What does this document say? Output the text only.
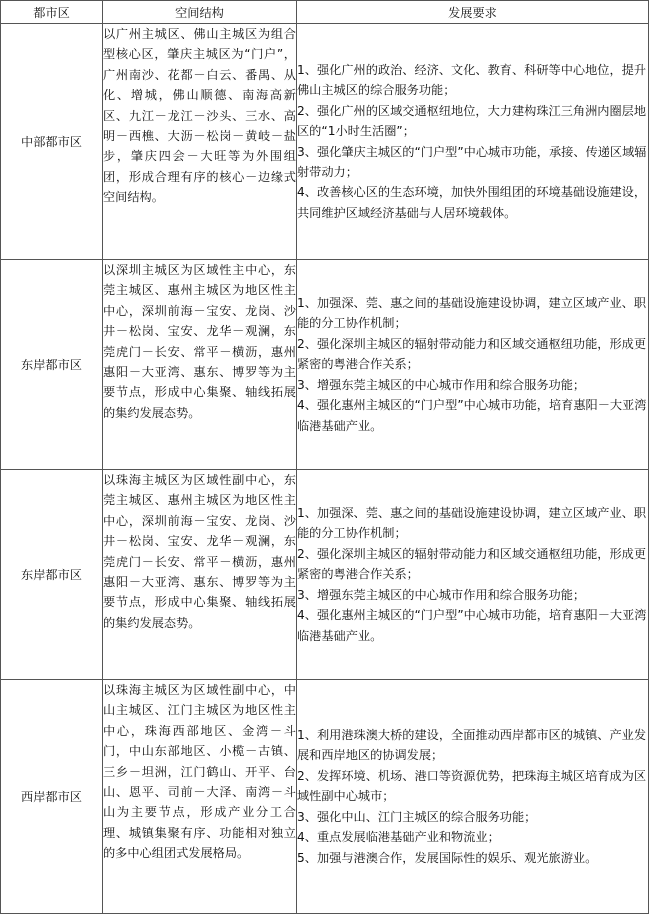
都市区	空间结构	发展要求
中部都市区	以广州主城区、佛山主城区为组合型核心区，肇庆主城区为“门户”，广州南沙、花都－白云、番禺、从化、增城，佛山顺德、南海高新区、九江－龙江－沙头、三水、高明－西樵、大沥－松岗－黄岐－盐步，肇庆四会－大旺等为外围组团，形成合理有序的核心－边缘式空间结构。	1、强化广州的政治、经济、文化、教育、科研等中心地位，提升佛山主城区的综合服务功能；
2、强化广州的区域交通枢纽地位，大力建构珠江三角洲内圈层地区的“1小时生活圈”；
3、强化肇庆主城区的“门户型”中心城市功能，承接、传递区域辐射带动力；
4、改善核心区的生态环境，加快外围组团的环境基础设施建设，共同维护区域经济基础与人居环境载体。

东岸都市区	以深圳主城区为区域性主中心，东莞主城区、惠州主城区为地区性主中心，深圳前海－宝安、龙岗、沙井－松岗、宝安、龙华－观澜，东莞虎门－长安、常平－横沥，惠州惠阳－大亚湾、惠东、博罗等为主要节点，形成中心集聚、轴线拓展的集约发展态势。	1、加强深、莞、惠之间的基础设施建设协调，建立区域产业、职能的分工协作机制；
2、强化深圳主城区的辐射带动能力和区域交通枢纽功能，形成更紧密的粤港合作关系；
3、增强东莞主城区的中心城市作用和综合服务功能；
4、强化惠州主城区的“门户型”中心城市功能，培育惠阳－大亚湾临港基础产业。

东岸都市区	以珠海主城区为区域性副中心，东莞主城区、惠州主城区为地区性主中心，深圳前海－宝安、龙岗、沙井－松岗、宝安、龙华－观澜，东莞虎门－长安、常平－横沥，惠州惠阳－大亚湾、惠东、博罗等为主要节点，形成中心集聚、轴线拓展的集约发展态势。	1、加强深、莞、惠之间的基础设施建设协调，建立区域产业、职能的分工协作机制；
2、强化深圳主城区的辐射带动能力和区域交通枢纽功能，形成更紧密的粤港合作关系；
3、增强东莞主城区的中心城市作用和综合服务功能；
4、强化惠州主城区的“门户型”中心城市功能，培育惠阳－大亚湾临港基础产业。

西岸都市区	以珠海主城区为区域性副中心，中山主城区、江门主城区为地区性主中心，珠海西部地区、金湾－斗门，中山东部地区、小榄－古镇、三乡－坦洲，江门鹤山、开平、台山、恩平、司前－大泽、南湾－斗山为主要节点，形成产业分工合理、城镇集聚有序、功能相对独立的多中心组团式发展格局。	1、利用港珠澳大桥的建设，全面推动西岸都市区的城镇、产业发展和西岸地区的协调发展；
2、发挥环境、机场、港口等资源优势，把珠海主城区培育成为区域性副中心城市；
3、强化中山、江门主城区的综合服务功能；
4、重点发展临港基础产业和物流业；
5、加强与港澳合作，发展国际性的娱乐、观光旅游业。
